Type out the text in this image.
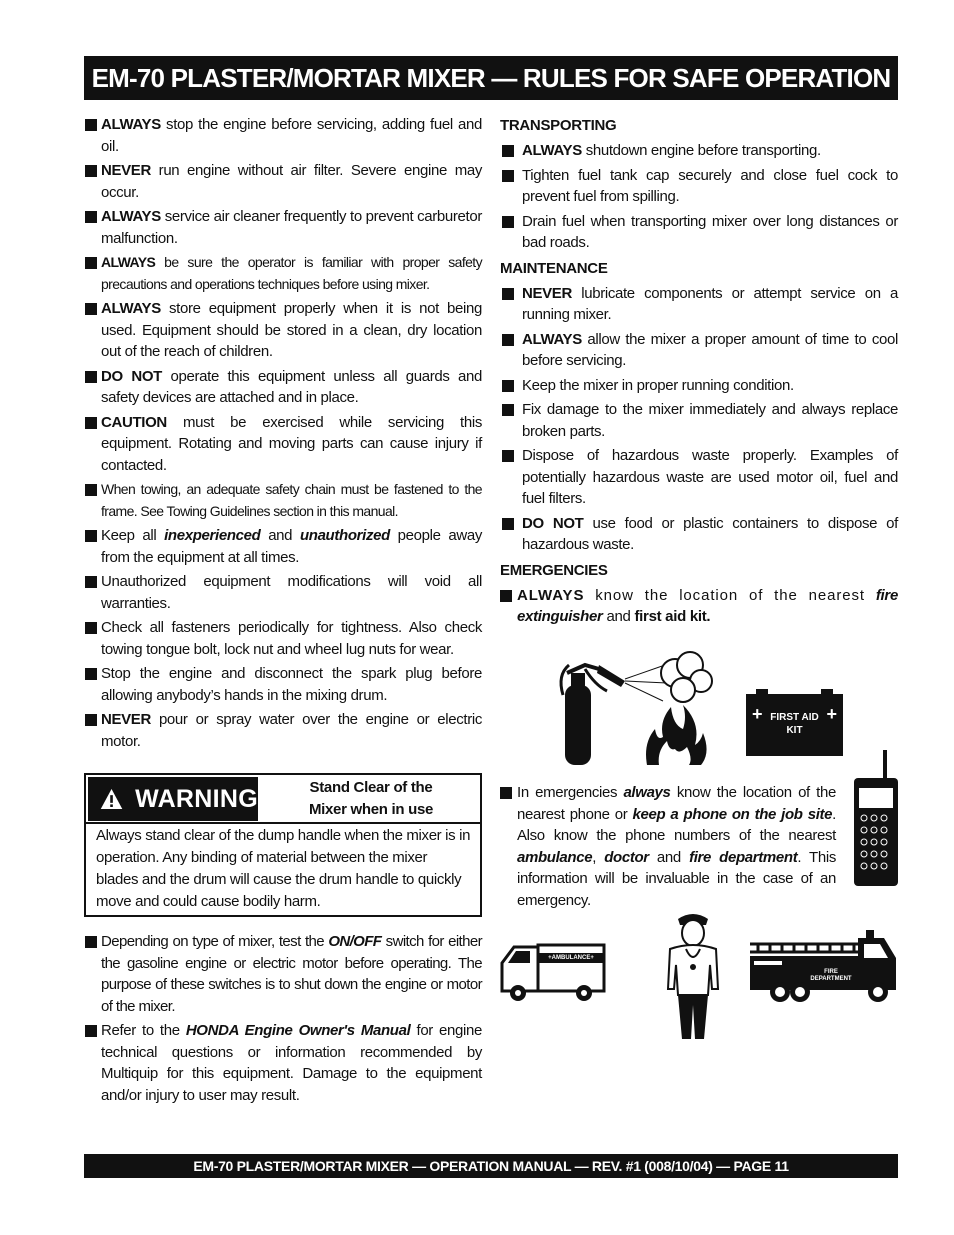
EM-70 PLASTER/MORTAR MIXER — RULES FOR SAFE OPERATION
ALWAYS stop the engine before servicing, adding fuel and oil.
NEVER run engine without air filter. Severe engine may occur.
ALWAYS service air cleaner frequently to prevent carburetor malfunction.
ALWAYS be sure the operator is familiar with proper safety precautions and operations techniques before using mixer.
ALWAYS store equipment properly when it is not being used. Equipment should be stored in a clean, dry location out of the reach of children.
DO NOT operate this equipment unless all guards and safety devices are attached and in place.
CAUTION must be exercised while servicing this equipment. Rotating and moving parts can cause injury if contacted.
When towing, an adequate safety chain must be fastened to the frame. See Towing Guidelines section in this manual.
Keep all inexperienced and unauthorized people away from the equipment at all times.
Unauthorized equipment modifications will void all warranties.
Check all fasteners periodically for tightness. Also check towing tongue bolt, lock nut and wheel lug nuts for wear.
Stop the engine and disconnect the spark plug before allowing anybody’s hands in the mixing drum.
NEVER pour or spray water over the engine or electric motor.
WARNING	Stand Clear of the
Mixer when in use
Always stand clear of the dump handle when the mixer is in operation. Any binding of material between the mixer blades and the drum will cause the drum handle to quickly move and could cause bodily harm.
Depending on type of mixer, test the ON/OFF switch for either the gasoline engine or electric motor before operating. The purpose of these switches is to shut down the engine or motor of the mixer.
Refer to the HONDA Engine Owner's Manual for engine technical questions or information recommended by Multiquip for this equipment. Damage to the equipment and/or injury to user may result.
TRANSPORTING
ALWAYS shutdown engine before transporting.
Tighten fuel tank cap securely and close fuel cock to prevent fuel from spilling.
Drain fuel when transporting mixer over long distances or bad roads.
MAINTENANCE
NEVER lubricate components or attempt service on a running mixer.
ALWAYS allow the mixer a proper amount of time to cool before servicing.
Keep the mixer in proper running condition.
Fix damage to the mixer immediately and always replace broken parts.
Dispose of hazardous waste properly. Examples of potentially hazardous waste are used motor oil, fuel and fuel filters.
DO NOT use food or plastic containers to dispose of hazardous waste.
EMERGENCIES
ALWAYS know the location of the nearest fire extinguisher and first aid kit.
+	+
FIRST AID
KIT
In emergencies always know the location of the nearest phone or keep a phone on the job site. Also know the phone numbers of the nearest ambulance, doctor and fire department. This information will be invaluable in the case of an emergency.
+AMBULANCE+
FIRE
DEPARTMENT
EM-70 PLASTER/MORTAR MIXER — OPERATION MANUAL — REV. #1 (008/10/04) — PAGE 11
